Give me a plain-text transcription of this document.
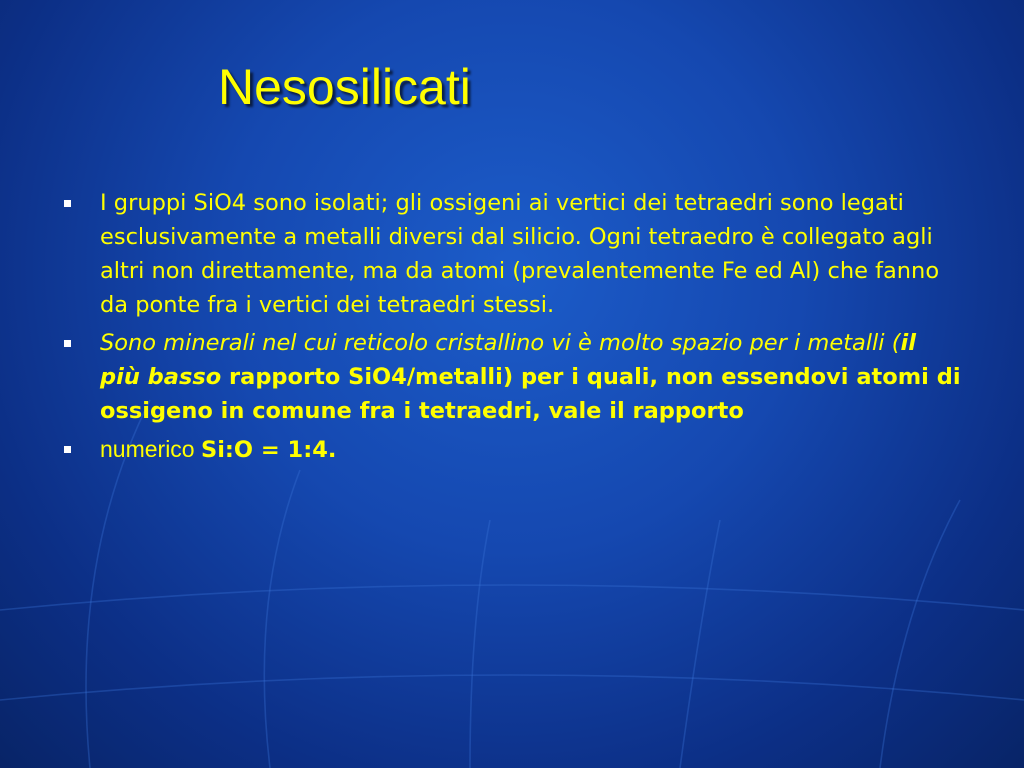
Nesosilicati
I gruppi SiO4 sono isolati; gli ossigeni ai vertici dei tetraedri sono legati esclusivamente a metalli diversi dal silicio. Ogni tetraedro è collegato agli altri non direttamente, ma da atomi (prevalentemente Fe ed Al) che fanno da ponte fra i vertici dei tetraedri stessi.
Sono minerali nel cui reticolo cristallino vi è molto spazio per i metalli (il più basso rapporto SiO4/metalli) per i quali, non essendovi atomi di ossigeno in comune fra i tetraedri, vale il rapporto
numerico Si:O = 1:4.
